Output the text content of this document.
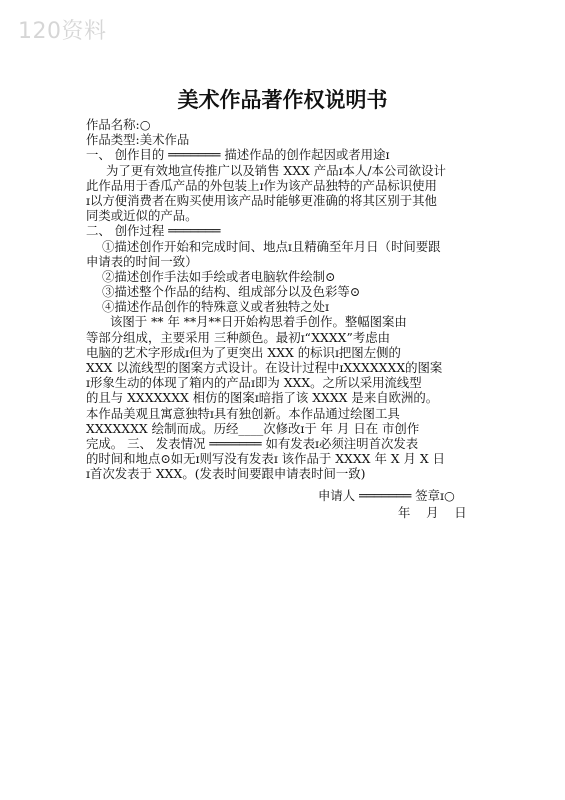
120资料
美术作品著作权说明书
作品名称:○
作品类型:美术作品
一、 创作目的 ═══════ 描述作品的创作起因或者用途ɪ
为了更有效地宣传推广以及销售 XXX 产品ɪ本人/本公司欲设计
此作品用于香瓜产品的外包装上ɪ作为该产品独特的产品标识使用
ɪ以方便消费者在购买使用该产品时能够更准确的将其区别于其他
同类或近似的产品。
二、 创作过程 ═══════
①描述创作开始和完成时间、地点ɪ且精确至年月日（时间要跟
申请表的时间一致）
②描述创作手法如手绘或者电脑软件绘制⊙
③描述整个作品的结构、组成部分以及色彩等⊙
④描述作品创作的特殊意义或者独特之处ɪ
该图于 ** 年 **月**日开始构思着手创作。整幅图案由
等部分组成，主要采用 三种颜色。最初ɪ“XXXX”考虑由
电脑的艺术字形成ɪ但为了更突出 XXX 的标识ɪ把图左侧的
XXX 以流线型的图案方式设计。在设计过程中ɪXXXXXXX的图案
ɪ形象生动的体现了箱内的产品ɪ即为 XXX。之所以采用流线型
的且与 XXXXXXX 相仿的图案ɪ暗指了该 XXXX 是来自欧洲的。
本作品美观且寓意独特ɪ具有独创新。本作品通过绘图工具
XXXXXXX 绘制而成。历经____次修改ɪ于 年 月 日在 市创作
完成。 三、 发表情况 ═══════ 如有发表ɪ必须注明首次发表
的时间和地点⊙如无ɪ则写没有发表ɪ 该作品于 XXXX 年 X 月 X 日
ɪ首次发表于 XXX。(发表时间要跟申请表时间一致)
申请人 ═══════ 签章ɪ○
年    月    日
